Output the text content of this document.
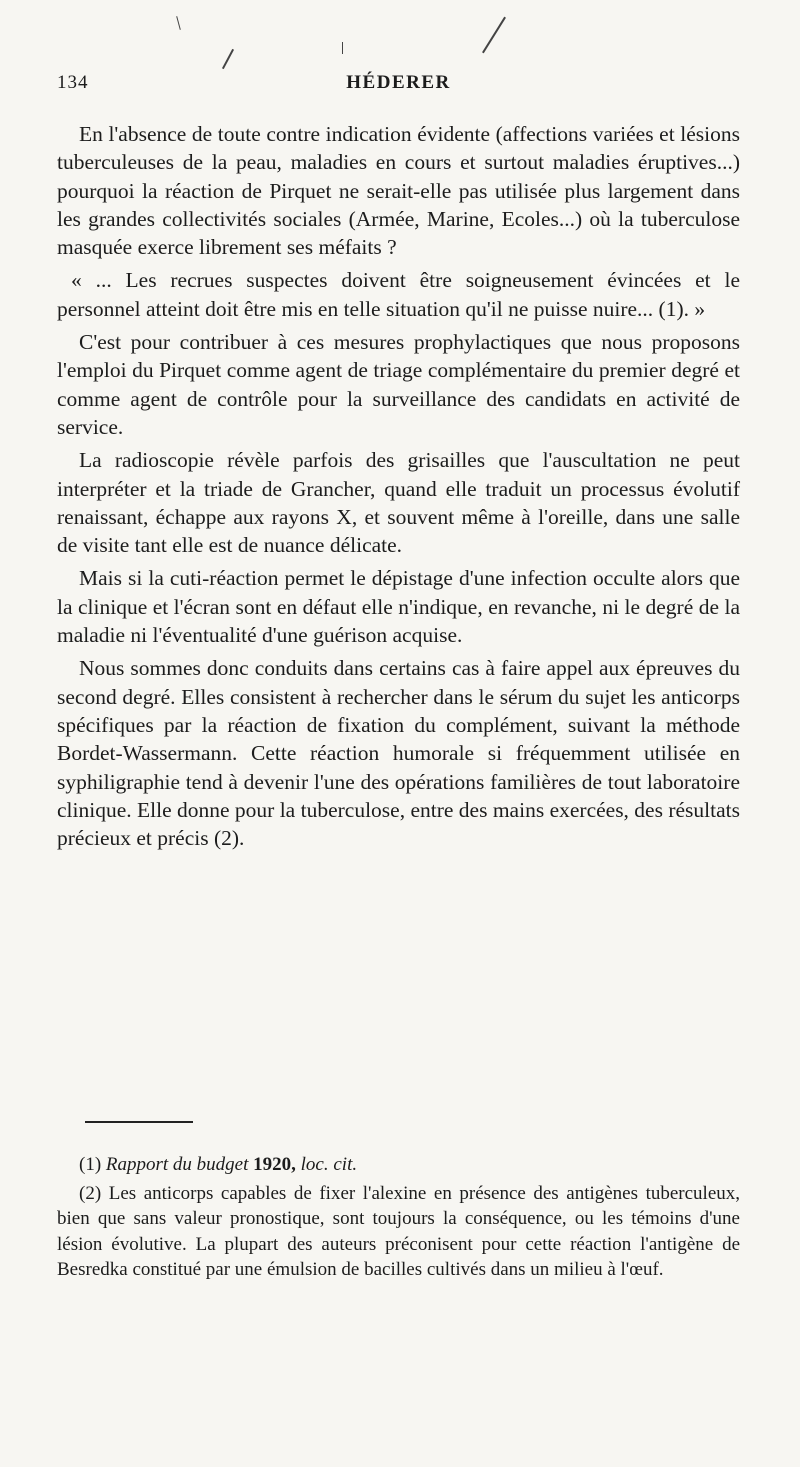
134	HÉDERER

En l'absence de toute contre indication évidente (affections variées et lésions tuberculeuses de la peau, maladies en cours et surtout maladies éruptives...) pourquoi la réaction de Pirquet ne serait-elle pas utilisée plus largement dans les grandes collectivités sociales (Armée, Marine, Ecoles...) où la tuberculose masquée exerce librement ses méfaits ?

« ... Les recrues suspectes doivent être soigneusement évincées et le personnel atteint doit être mis en telle situation qu'il ne puisse nuire... (1). »

C'est pour contribuer à ces mesures prophylactiques que nous proposons l'emploi du Pirquet comme agent de triage complémentaire du premier degré et comme agent de contrôle pour la surveillance des candidats en activité de service.

La radioscopie révèle parfois des grisailles que l'auscultation ne peut interpréter et la triade de Grancher, quand elle traduit un processus évolutif renaissant, échappe aux rayons X, et souvent même à l'oreille, dans une salle de visite tant elle est de nuance délicate.

Mais si la cuti-réaction permet le dépistage d'une infection occulte alors que la clinique et l'écran sont en défaut elle n'indique, en revanche, ni le degré de la maladie ni l'éventualité d'une guérison acquise.

Nous sommes donc conduits dans certains cas à faire appel aux épreuves du second degré. Elles consistent à rechercher dans le sérum du sujet les anticorps spécifiques par la réaction de fixation du complément, suivant la méthode Bordet-Wassermann. Cette réaction humorale si fréquemment utilisée en syphiligraphie tend à devenir l'une des opérations familières de tout laboratoire clinique. Elle donne pour la tuberculose, entre des mains exercées, des résultats précieux et précis (2).

(1) Rapport du budget 1920, loc. cit.

(2) Les anticorps capables de fixer l'alexine en présence des antigènes tuberculeux, bien que sans valeur pronostique, sont toujours la conséquence, ou les témoins d'une lésion évolutive. La plupart des auteurs préconisent pour cette réaction l'antigène de Besredka constitué par une émulsion de bacilles cultivés dans un milieu à l'œuf.
